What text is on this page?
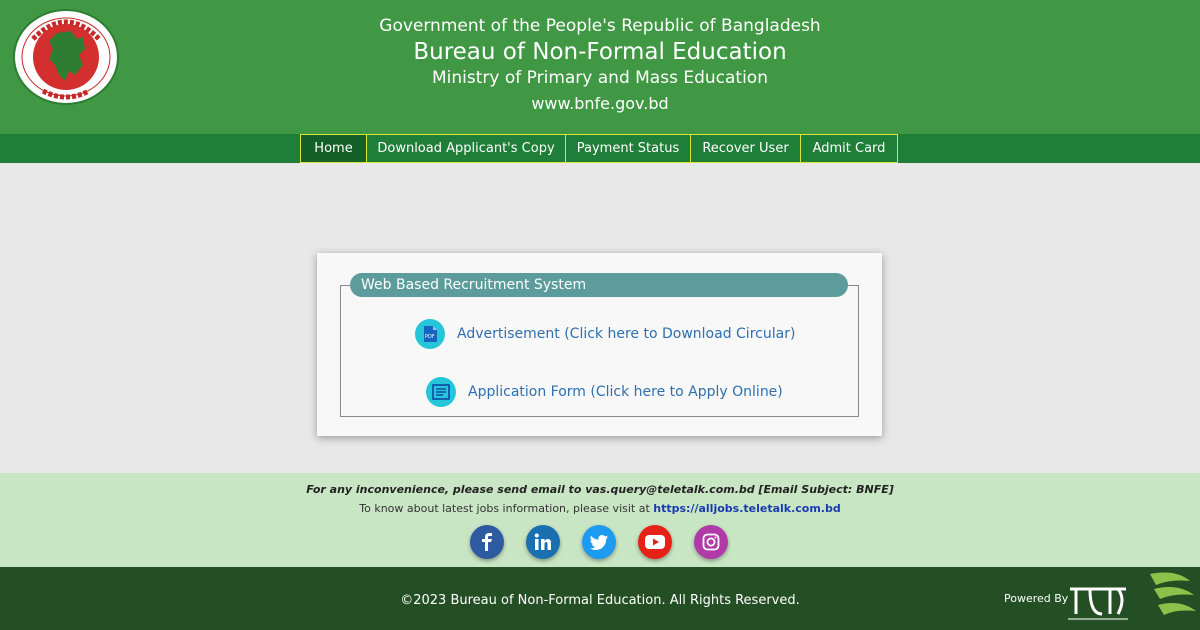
Government of the People's Republic of Bangladesh
Bureau of Non-Formal Education
Ministry of Primary and Mass Education
www.bnfe.gov.bd
Home	Download Applicant's Copy	Payment Status	Recover User	Admit Card
Web Based Recruitment System
PDF Advertisement (Click here to Download Circular)
Application Form (Click here to Apply Online)
For any inconvenience, please send email to vas.query@teletalk.com.bd [Email Subject: BNFE]
To know about latest jobs information, please visit at https://alljobs.teletalk.com.bd
©2023 Bureau of Non-Formal Education. All Rights Reserved.	Powered By
